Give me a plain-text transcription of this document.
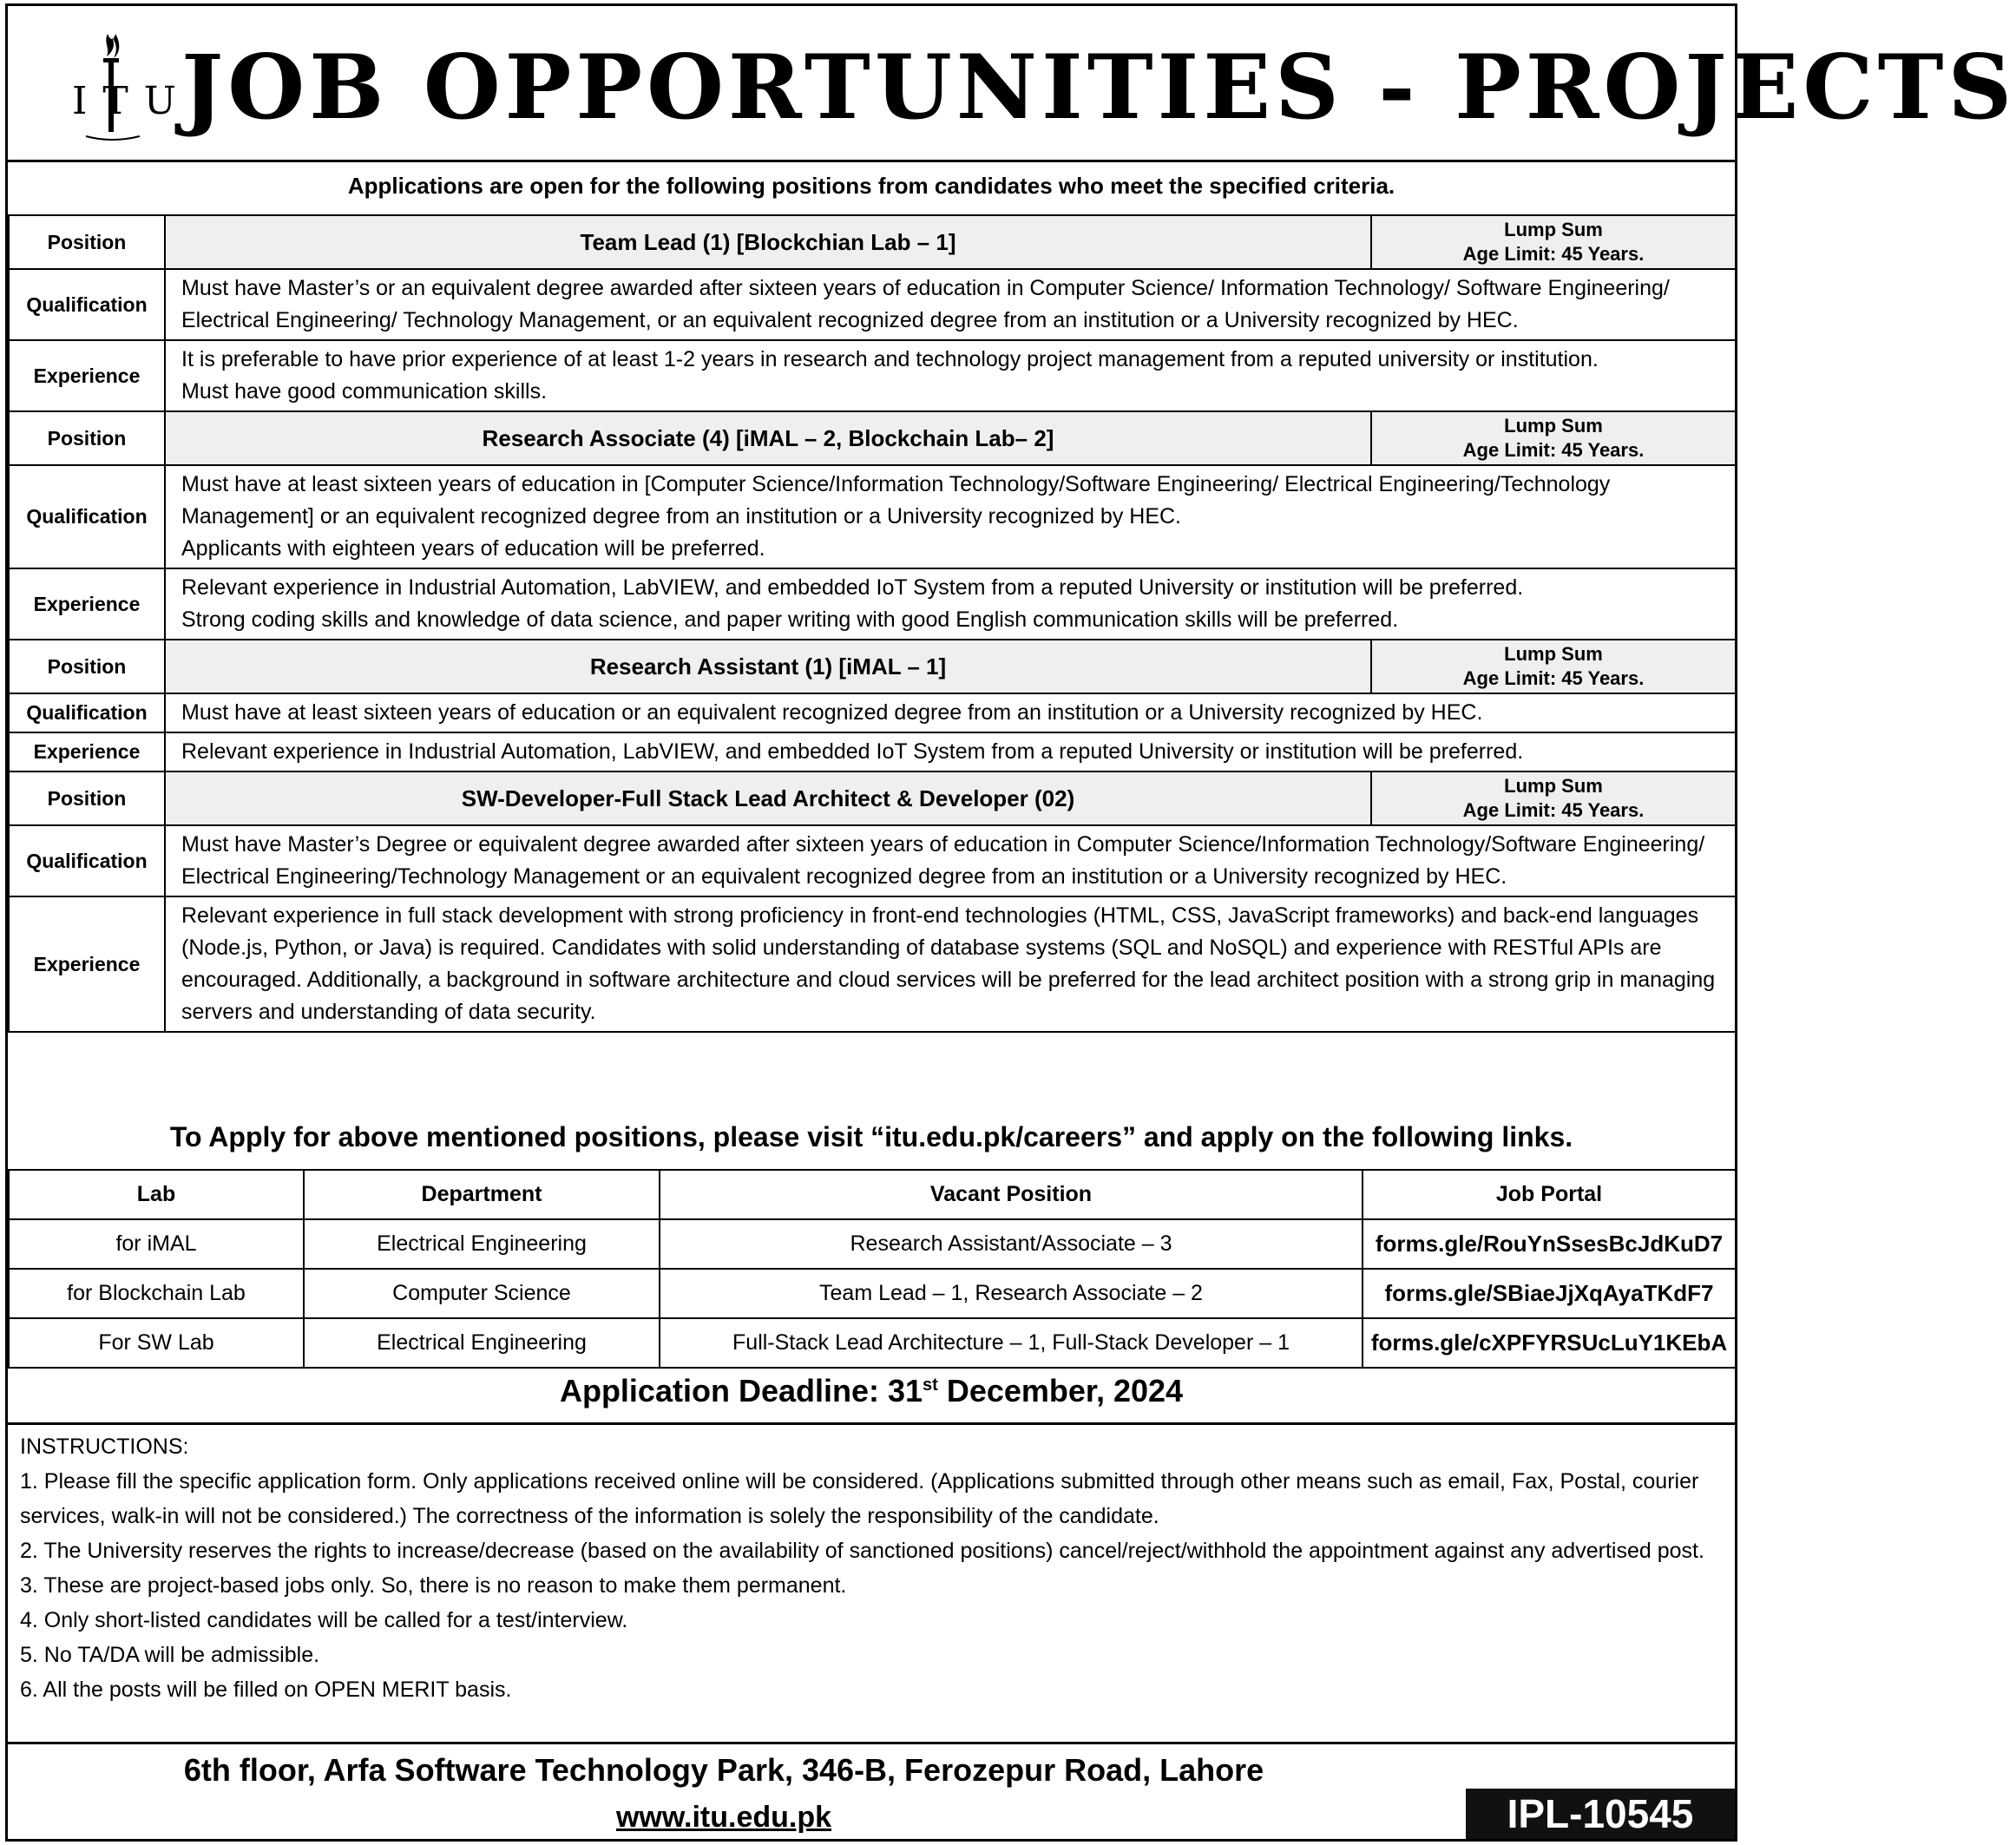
ITU
JOB OPPORTUNITIES - PROJECTS
Applications are open for the following positions from candidates who meet the specified criteria.
Position	Team Lead (1) [Blockchian Lab – 1]	Lump Sum
Age Limit: 45 Years.

Qualification	Must have Master’s or an equivalent degree awarded after sixteen years of education in Computer Science/ Information Technology/ Software Engineering/ Electrical Engineering/ Technology Management, or an equivalent recognized degree from an institution or a University recognized by HEC.	

Experience	It is preferable to have prior experience of at least 1-2 years in research and technology project management from a reputed university or institution.
Must have good communication skills.	

Position	Research Associate (4) [iMAL – 2, Blockchain Lab– 2]	Lump Sum
Age Limit: 45 Years.

Qualification	Must have at least sixteen years of education in [Computer Science/Information Technology/Software Engineering/ Electrical Engineering/Technology Management] or an equivalent recognized degree from an institution or a University recognized by HEC.
Applicants with eighteen years of education will be preferred.	

Experience	Relevant experience in Industrial Automation, LabVIEW, and embedded IoT System from a reputed University or institution will be preferred.
Strong coding skills and knowledge of data science, and paper writing with good English communication skills will be preferred.	

Position	Research Assistant (1) [iMAL – 1]	Lump Sum
Age Limit: 45 Years.

Qualification	Must have at least sixteen years of education or an equivalent recognized degree from an institution or a University recognized by HEC.	

Experience	Relevant experience in Industrial Automation, LabVIEW, and embedded IoT System from a reputed University or institution will be preferred.	

Position	SW-Developer-Full Stack Lead Architect & Developer (02)	Lump Sum
Age Limit: 45 Years.

Qualification	Must have Master’s Degree or equivalent degree awarded after sixteen years of education in Computer Science/Information Technology/Software Engineering/ Electrical Engineering/Technology Management or an equivalent recognized degree from an institution or a University recognized by HEC.	

Experience	Relevant experience in full stack development with strong proficiency in front-end technologies (HTML, CSS, JavaScript frameworks) and back-end languages (Node.js, Python, or Java) is required. Candidates with solid understanding of database systems (SQL and NoSQL) and experience with RESTful APIs are encouraged. Additionally, a background in software architecture and cloud services will be preferred for the lead architect position with a strong grip in managing servers and understanding of data security.	
To Apply for above mentioned positions, please visit “itu.edu.pk/careers” and apply on the following links.
Lab	Department	Vacant Position	Job Portal
for iMAL	Electrical Engineering	Research Assistant/Associate – 3	forms.gle/RouYnSsesBcJdKuD7
for Blockchain Lab	Computer Science	Team Lead – 1, Research Associate – 2	forms.gle/SBiaeJjXqAyaTKdF7
For SW Lab	Electrical Engineering	Full-Stack Lead Architecture – 1, Full-Stack Developer – 1	forms.gle/cXPFYRSUcLuY1KEbA
Application Deadline: 31st December, 2024
INSTRUCTIONS:
1. Please fill the specific application form. Only applications received online will be considered. (Applications submitted through other means such as email, Fax, Postal, courier services, walk-in will not be considered.) The correctness of the information is solely the responsibility of the candidate.
2. The University reserves the rights to increase/decrease (based on the availability of sanctioned positions) cancel/reject/withhold the appointment against any advertised post.
3. These are project-based jobs only. So, there is no reason to make them permanent.
4. Only short-listed candidates will be called for a test/interview.
5. No TA/DA will be admissible.
6. All the posts will be filled on OPEN MERIT basis.
6th floor, Arfa Software Technology Park, 346-B, Ferozepur Road, Lahore
www.itu.edu.pk	IPL-10545
